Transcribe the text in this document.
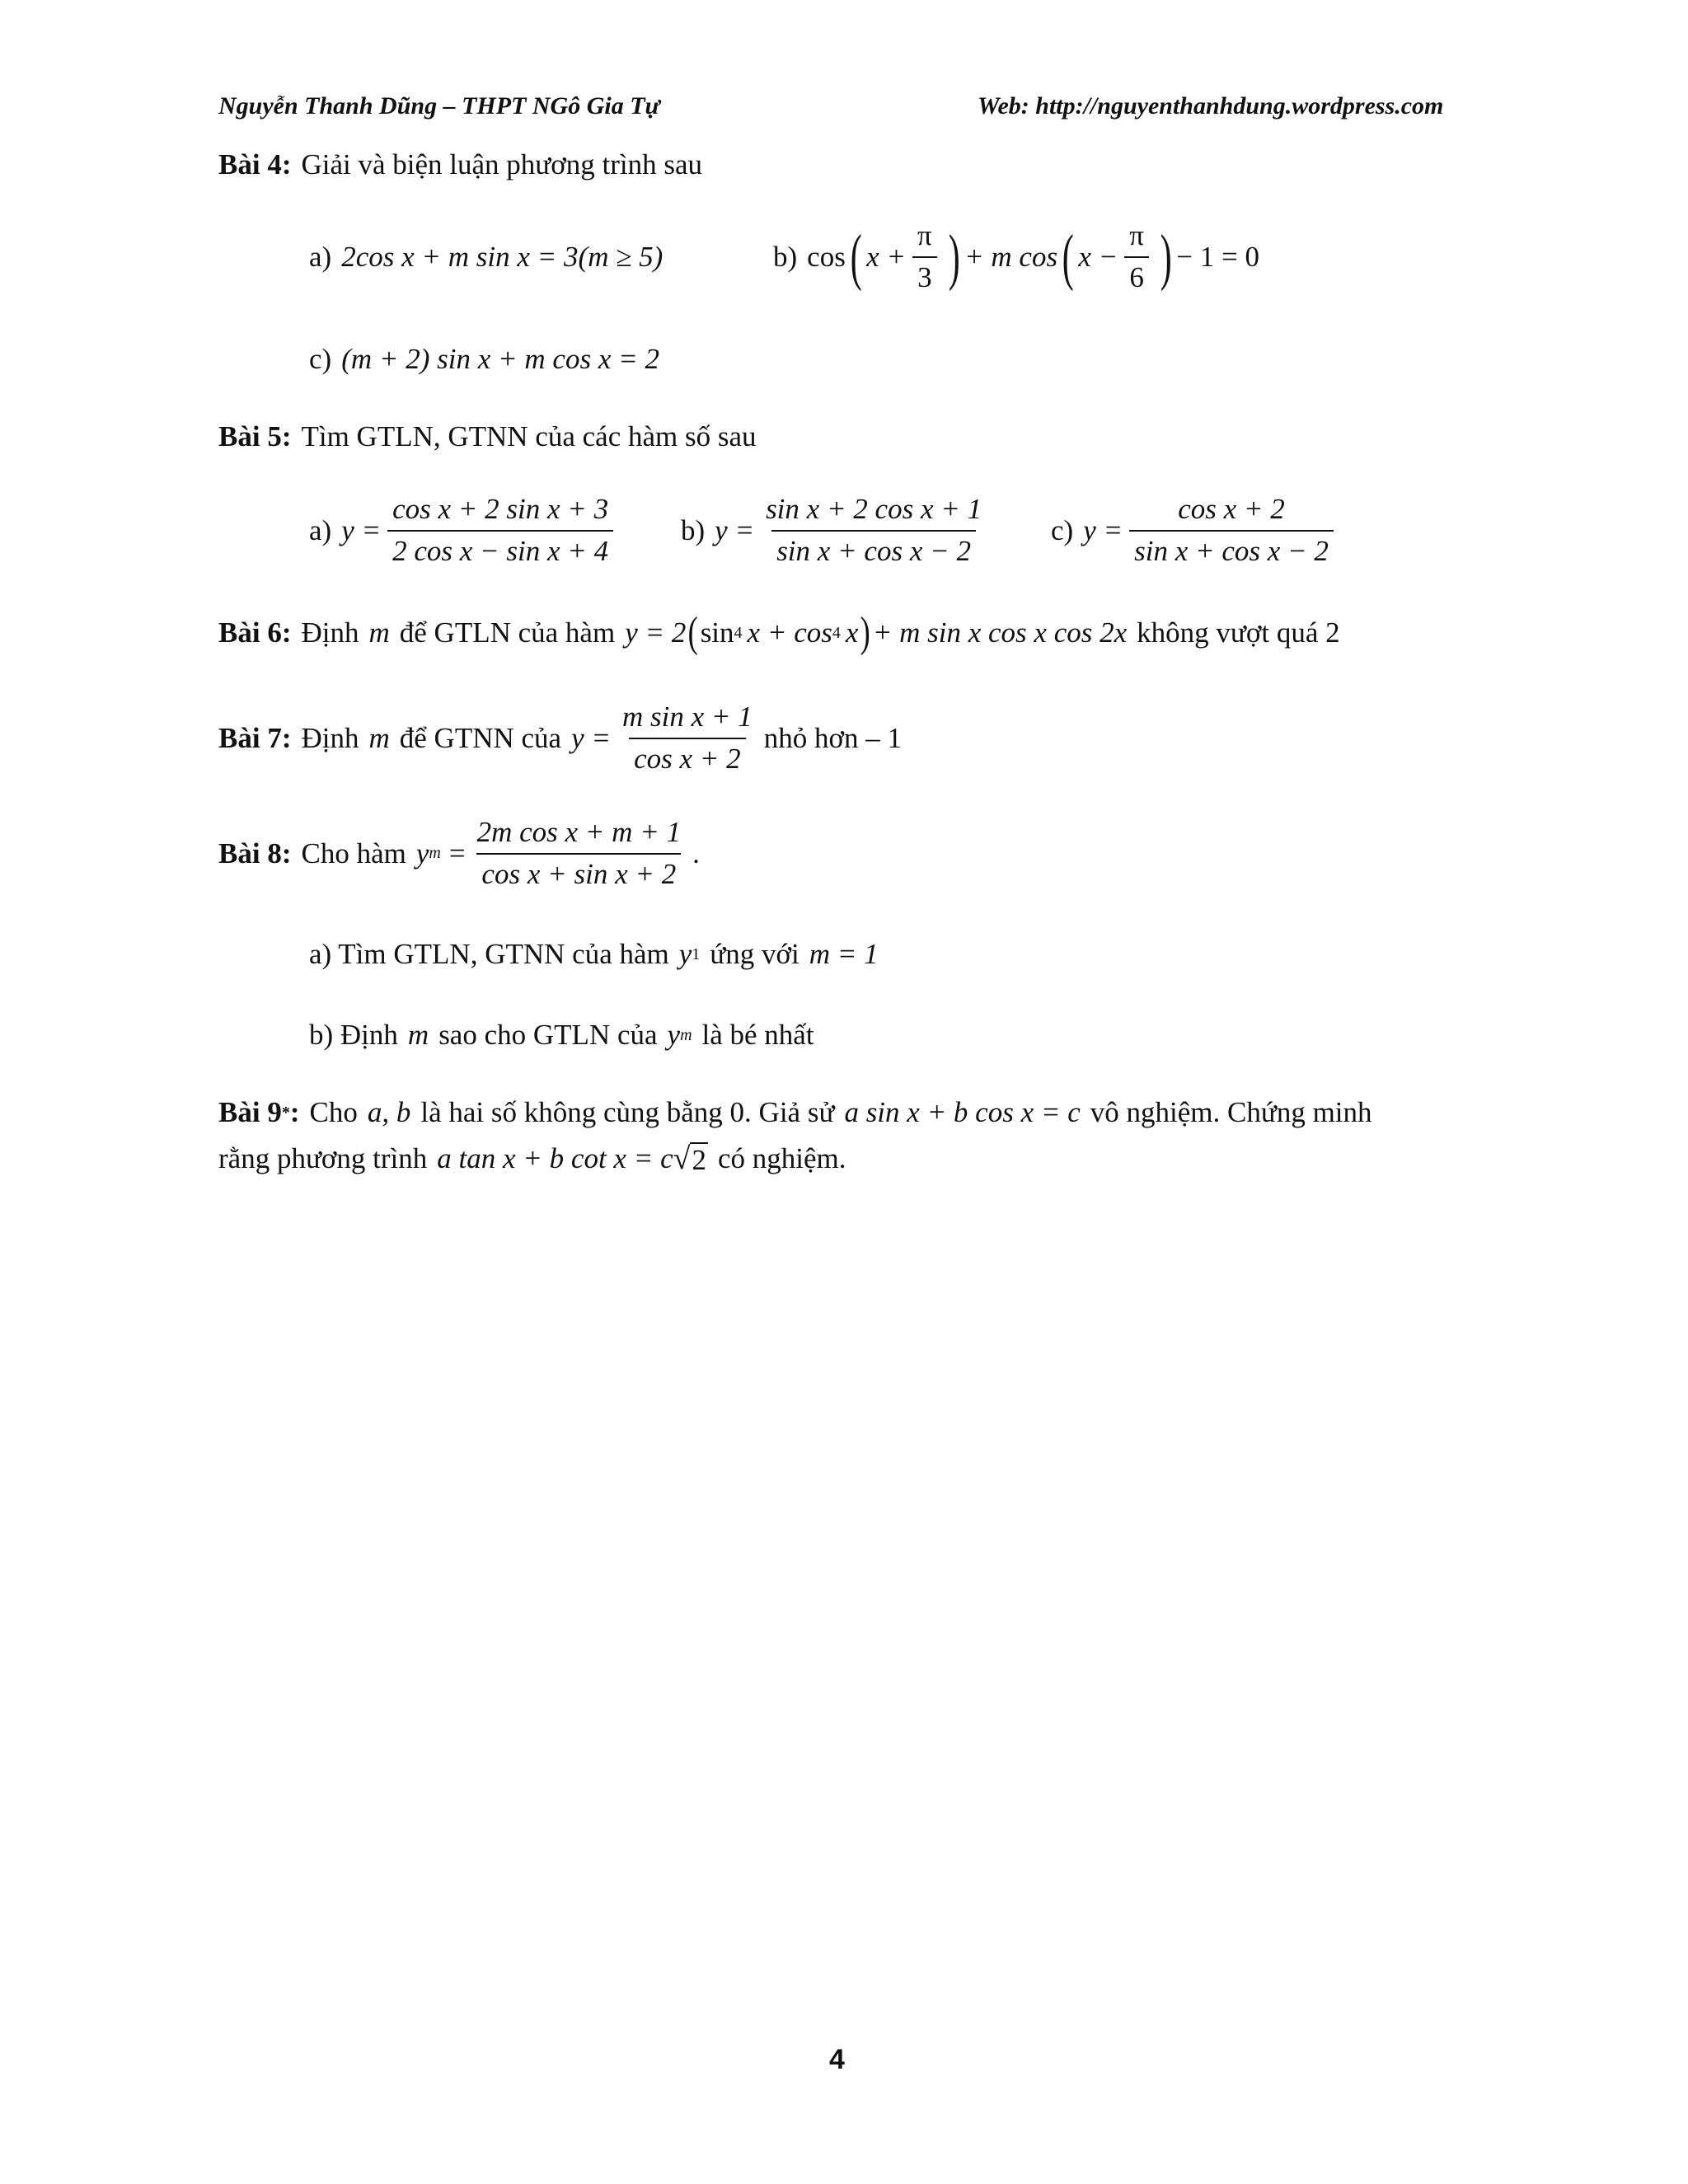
Nguyễn Thanh Dũng – THPT NGô Gia Tự	Web: http://nguyenthanhdung.wordpress.com
Bài 4: Giải và biện luận phương trình sau
a) 2cos x + m sin x = 3(m ≥ 5)	b) cos ( $x + \frac{\pi}{3}$ ) + m cos ( $x - \frac{\pi}{6}$ ) − 1 = 0
c) (m + 2) sin x + m cos x = 2
Bài 5: Tìm GTLN, GTNN của các hàm số sau
a) $y = \frac{\text{cos x + 2 sin x + 3}}{\text{2 cos x − sin x + 4}} b$) $y = \frac{\text{sin x + 2 cos x + 1}}{\text{sin x + cos x − 2}} c$) $y = \frac{\text{cos x + 2}}{\text{sin x + cos x − 2}}$
Bài 6: Định m để GTLN của hàm y = 2 ( sin 4 x + cos 4 x ) + m sin x cos x cos 2x không vượt quá 2
Bài 7: Định m để GTNN của $y = \frac{\text{m sin x + 1}}{\text{cos x + 2}}$ nhỏ hơn – 1
Bài 8: Cho hàm y $m = \frac{\text{2m cos x + m + 1}}{\text{cos x + sin x + 2}}$ .
a) Tìm GTLN, GTNN của hàm y 1 ứng với m = 1
b) Định m sao cho GTLN của y m là bé nhất
Bài 9 * : Cho a, b là hai số không cùng bằng 0. Giả sử a sin x + b cos x = c vô nghiệm. Chứng minh
rằng phương trình a tan x + b cot x = c √ 2 có nghiệm.
4
